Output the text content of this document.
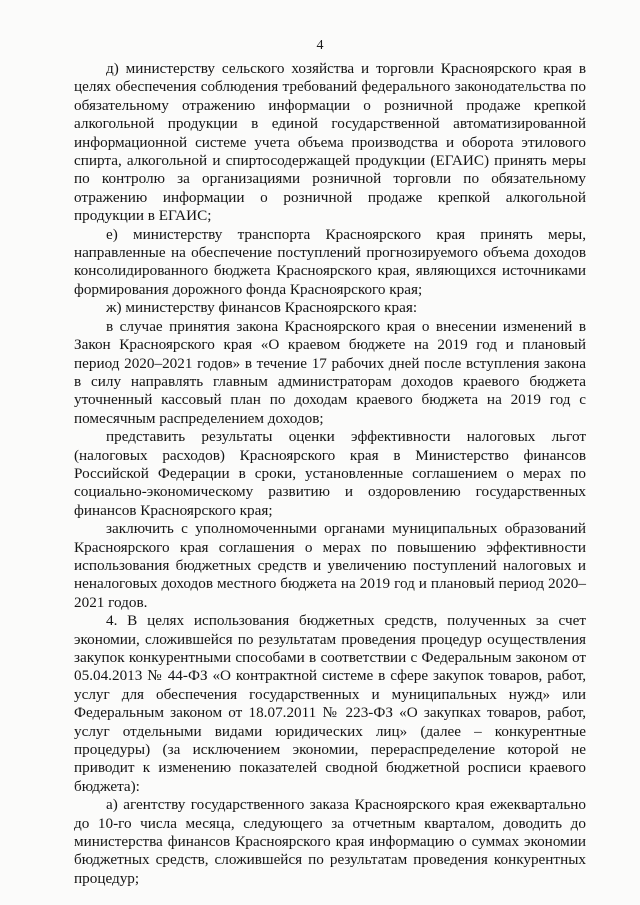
4

д) министерству сельского хозяйства и торговли Красноярского края в целях обеспечения соблюдения требований федерального законодательства по обязательному отражению информации о розничной продаже крепкой алкогольной продукции в единой государственной автоматизированной информационной системе учета объема производства и оборота этилового спирта, алкогольной и спиртосодержащей продукции (ЕГАИС) принять меры по контролю за организациями розничной торговли по обязательному отражению информации о розничной продаже крепкой алкогольной продукции в ЕГАИС;

е) министерству транспорта Красноярского края принять меры, направленные на обеспечение поступлений прогнозируемого объема доходов консолидированного бюджета Красноярского края, являющихся источниками формирования дорожного фонда Красноярского края;

ж) министерству финансов Красноярского края:

в случае принятия закона Красноярского края о внесении изменений в Закон Красноярского края «О краевом бюджете на 2019 год и плановый период 2020–2021 годов» в течение 17 рабочих дней после вступления закона в силу направлять главным администраторам доходов краевого бюджета уточненный кассовый план по доходам краевого бюджета на 2019 год с помесячным распределением доходов;

представить результаты оценки эффективности налоговых льгот (налоговых расходов) Красноярского края в Министерство финансов Российской Федерации в сроки, установленные соглашением о мерах по социально-экономическому развитию и оздоровлению государственных финансов Красноярского края;

заключить с уполномоченными органами муниципальных образований Красноярского края соглашения о мерах по повышению эффективности использования бюджетных средств и увеличению поступлений налоговых и неналоговых доходов местного бюджета на 2019 год и плановый период 2020–2021 годов.

4. В целях использования бюджетных средств, полученных за счет экономии, сложившейся по результатам проведения процедур осуществления закупок конкурентными способами в соответствии с Федеральным законом от 05.04.2013 № 44-ФЗ «О контрактной системе в сфере закупок товаров, работ, услуг для обеспечения государственных и муниципальных нужд» или Федеральным законом от 18.07.2011 № 223-ФЗ «О закупках товаров, работ, услуг отдельными видами юридических лиц» (далее – конкурентные процедуры) (за исключением экономии, перераспределение которой не приводит к изменению показателей сводной бюджетной росписи краевого бюджета):

а) агентству государственного заказа Красноярского края ежеквартально до 10-го числа месяца, следующего за отчетным кварталом, доводить до министерства финансов Красноярского края информацию о суммах экономии бюджетных средств, сложившейся по результатам проведения конкурентных процедур;
